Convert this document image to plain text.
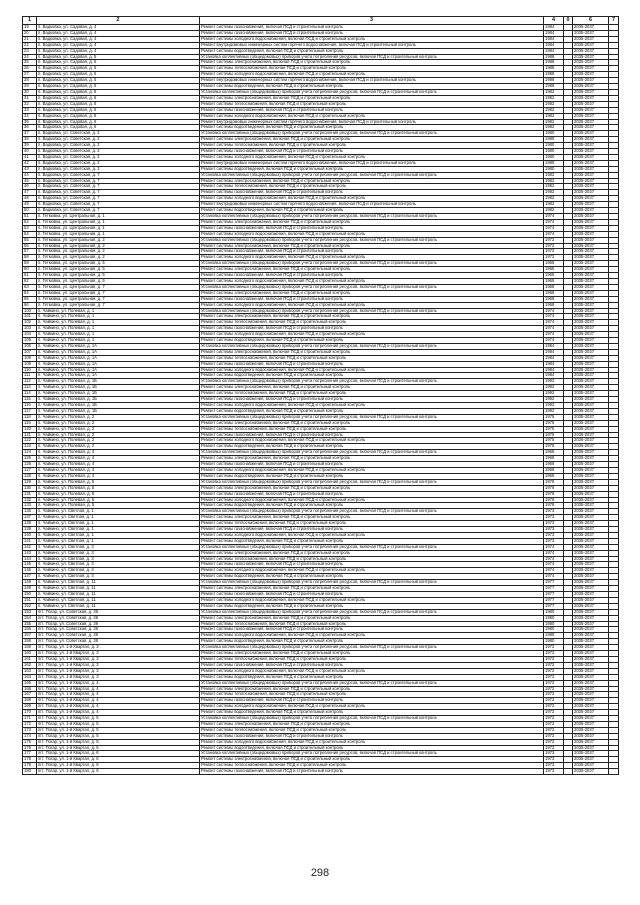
1	2	3	4	0	6	7
19	п. Вадковка, ул. Садовая, д. 4	Ремонт системы газоснабжения, включая ПСД и строительный контроль	1984		2035-2037	
20	п. Вадковка, ул. Садовая, д. 4	Ремонт системы газоснабжения, включая ПСД и строительный контроль	1984		2035-2037	
21	п. Вадковка, ул. Садовая, д. 4	Ремонт системы холодного водоснабжения, включая ПСД и строительный контроль	1984		2035-2037	
22	п. Вадковка, ул. Садовая, д. 4	Ремонт внутридомовых инженерных систем горячего водоснабжения, включая ПСД и строительный контроль	1984		2035-2037	
23	п. Вадковка, ул. Садовая, д. 4	Ремонт системы водоотведения, включая ПСД и строительный контроль	1984		2035-2037	
24	п. Вадковка, ул. Садовая, д. 5	Установка коллективных (общедомовых) приборов учета потребления ресурсов, включая ПСД и строительный контроль	1988		2035-2037	
25	п. Вадковка, ул. Садовая, д. 5	Ремонт системы электроснабжения, включая ПСД и строительный контроль	1988		2035-2037	
26	п. Вадковка, ул. Садовая, д. 5	Ремонт системы теплоснабжения, включая ПСД и строительный контроль	1988		2035-2037	
27	п. Вадковка, ул. Садовая, д. 5	Ремонт системы холодного водоснабжения, включая ПСД и строительный контроль	1988		2035-2037	
28	п. Вадковка, ул. Садовая, д. 5	Ремонт внутридомовых инженерных систем горячего водоснабжения, включая ПСД и строительный контроль	1988		2035-2037	
29	п. Вадковка, ул. Садовая, д. 5	Ремонт системы водоотведения, включая ПСД и строительный контроль	1988		2035-2037	
30	п. Вадковка, ул. Садовая, д. 6	Установка коллективных (общедомовых) приборов учета потребления ресурсов, включая ПСД и строительный контроль	1982		2035-2037	
31	п. Вадковка, ул. Садовая, д. 6	Ремонт системы электроснабжения, включая ПСД и строительный контроль	1982		2035-2037	
32	п. Вадковка, ул. Садовая, д. 6	Ремонт системы теплоснабжения, включая ПСД и строительный контроль	1982		2035-2037	
33	п. Вадковка, ул. Садовая, д. 6	Ремонт системы газоснабжения, включая ПСД и строительный контроль	1982		2035-2037	
34	п. Вадковка, ул. Садовая, д. 6	Ремонт системы холодного водоснабжения, включая ПСД и строительный контроль	1982		2035-2037	
35	п. Вадковка, ул. Садовая, д. 6	Ремонт внутридомовых инженерных систем горячего водоснабжения, включая ПСД и строительный контроль	1982		2035-2037	
36	п. Вадковка, ул. Садовая, д. 6	Ремонт системы водоотведения, включая ПСД и строительный контроль	1982		2035-2037	
37	п. Вадковка, ул. Советская, д. 2	Установка коллективных (общедомовых) приборов учета потребления ресурсов, включая ПСД и строительный контроль	1980		2035-2037	
38	п. Вадковка, ул. Советская, д. 2	Ремонт системы электроснабжения, включая ПСД и строительный контроль	1980		2035-2037	
39	п. Вадковка, ул. Советская, д. 2	Ремонт системы теплоснабжения, включая ПСД и строительный контроль	1980		2035-2037	
40	п. Вадковка, ул. Советская, д. 2	Ремонт системы газоснабжения, включая ПСД и строительный контроль	1980		2035-2037	
41	п. Вадковка, ул. Советская, д. 2	Ремонт системы холодного водоснабжения, включая ПСД и строительный контроль	1980		2035-2037	
42	п. Вадковка, ул. Советская, д. 2	Ремонт внутридомовых инженерных систем горячего водоснабжения, включая ПСД и строительный контроль	1980		2035-2037	
43	п. Вадковка, ул. Советская, д. 2	Ремонт системы водоотведения, включая ПСД и строительный контроль	1980		2035-2037	
44	п. Вадковка, ул. Советская, д. 7	Установка коллективных (общедомовых) приборов учета потребления ресурсов, включая ПСД и строительный контроль	1982		2035-2037	
45	п. Вадковка, ул. Советская, д. 7	Ремонт системы электроснабжения, включая ПСД и строительный контроль	1982		2035-2037	
46	п. Вадковка, ул. Советская, д. 7	Ремонт системы теплоснабжения, включая ПСД и строительный контроль	1982		2035-2037	
47	п. Вадковка, ул. Советская, д. 7	Ремонт системы газоснабжения, включая ПСД и строительный контроль	1982		2035-2037	
48	п. Вадковка, ул. Советская, д. 7	Ремонт системы холодного водоснабжения, включая ПСД и строительный контроль	1982		2035-2037	
49	п. Вадковка, ул. Советская, д. 7	Ремонт внутридомовых инженерных систем горячего водоснабжения, включая ПСД и строительный контроль	1982		2035-2037	
50	п. Вадковка, ул. Советская, д. 7	Ремонт системы водоотведения, включая ПСД и строительный контроль	1982		2035-2037	
51	п. Гетмовка, ул. Центральная, д. 1	Установка коллективных (общедомовых) приборов учета потребления ресурсов, включая ПСД и строительный контроль	1974		2035-2037	
52	п. Гетмовка, ул. Центральная, д. 1	Ремонт системы электроснабжения, включая ПСД и строительный контроль	1974		2035-2037	
53	п. Гетмовка, ул. Центральная, д. 1	Ремонт системы газоснабжения, включая ПСД и строительный контроль	1974		2035-2037	
54	п. Гетмовка, ул. Центральная, д. 1	Ремонт системы холодного водоснабжения, включая ПСД и строительный контроль	1974		2035-2037	
55	п. Гетмовка, ул. Центральная, д. 2	Установка коллективных (общедомовых) приборов учета потребления ресурсов, включая ПСД и строительный контроль	1972		2035-2037	
56	п. Гетмовка, ул. Центральная, д. 2	Ремонт системы электроснабжения, включая ПСД и строительный контроль	1972		2035-2037	
57	п. Гетмовка, ул. Центральная, д. 2	Ремонт системы газоснабжения, включая ПСД и строительный контроль	1972		2035-2037	
58	п. Гетмовка, ул. Центральная, д. 2	Ремонт системы холодного водоснабжения, включая ПСД и строительный контроль	1972		2035-2037	
59	п. Гетмовка, ул. Центральная, д. 5	Установка коллективных (общедомовых) приборов учета потребления ресурсов, включая ПСД и строительный контроль	1965		2035-2037	
60	п. Гетмовка, ул. Центральная, д. 5	Ремонт системы электроснабжения, включая ПСД и строительный контроль	1965		2035-2037	
61	п. Гетмовка, ул. Центральная, д. 5	Ремонт системы газоснабжения, включая ПСД и строительный контроль	1965		2035-2037	
62	п. Гетмовка, ул. Центральная, д. 5	Ремонт системы холодного водоснабжения, включая ПСД и строительный контроль	1965		2035-2037	
63	п. Гетмовка, ул. Центральная, д. 7	Установка коллективных (общедомовых) приборов учета потребления ресурсов, включая ПСД и строительный контроль	1968		2035-2037	
64	п. Гетмовка, ул. Центральная, д. 7	Ремонт системы электроснабжения, включая ПСД и строительный контроль	1968		2035-2037	
65	п. Гетмовка, ул. Центральная, д. 7	Ремонт системы газоснабжения, включая ПСД и строительный контроль	1968		2035-2037	
66	п. Гетмовка, ул. Центральная, д. 7	Ремонт системы холодного водоснабжения, включая ПСД и строительный контроль	1968		2035-2037	
100	п. Чайкино, ул. Полевая, д. 1	Установка коллективных (общедомовых) приборов учета потребления ресурсов, включая ПСД и строительный контроль	1974		2035-2037	
101	п. Чайкино, ул. Полевая, д. 1	Ремонт системы электроснабжения, включая ПСД и строительный контроль	1974		2035-2037	
102	п. Чайкино, ул. Полевая, д. 1	Ремонт системы теплоснабжения, включая ПСД и строительный контроль	1974		2035-2037	
103	п. Чайкино, ул. Полевая, д. 1	Ремонт системы газоснабжения, включая ПСД и строительный контроль	1974		2035-2037	
104	п. Чайкино, ул. Полевая, д. 1	Ремонт системы холодного водоснабжения, включая ПСД и строительный контроль	1974		2035-2037	
105	п. Чайкино, ул. Полевая, д. 1	Ремонт системы водоотведения, включая ПСД и строительный контроль	1974		2035-2037	
106	п. Чайкино, ул. Полевая, д. 1А	Установка коллективных (общедомовых) приборов учета потребления ресурсов, включая ПСД и строительный контроль	1984		2035-2037	
107	п. Чайкино, ул. Полевая, д. 1А	Ремонт системы электроснабжения, включая ПСД и строительный контроль	1984		2035-2037	
108	п. Чайкино, ул. Полевая, д. 1А	Ремонт системы теплоснабжения, включая ПСД и строительный контроль	1984		2035-2037	
109	п. Чайкино, ул. Полевая, д. 1А	Ремонт системы газоснабжения, включая ПСД и строительный контроль	1984		2035-2037	
110	п. Чайкино, ул. Полевая, д. 1А	Ремонт системы холодного водоснабжения, включая ПСД и строительный контроль	1984		2035-2037	
111	п. Чайкино, ул. Полевая, д. 1А	Ремонт системы водоотведения, включая ПСД и строительный контроль	1984		2035-2037	
112	п. Чайкино, ул. Полевая, д. 1Б	Установка коллективных (общедомовых) приборов учета потребления ресурсов, включая ПСД и строительный контроль	1992		2035-2037	
113	п. Чайкино, ул. Полевая, д. 1Б	Ремонт системы электроснабжения, включая ПСД и строительный контроль	1992		2035-2037	
114	п. Чайкино, ул. Полевая, д. 1Б	Ремонт системы теплоснабжения, включая ПСД и строительный контроль	1992		2035-2037	
115	п. Чайкино, ул. Полевая, д. 1Б	Ремонт системы газоснабжения, включая ПСД и строительный контроль	1992		2035-2037	
116	п. Чайкино, ул. Полевая, д. 1Б	Ремонт системы холодного водоснабжения, включая ПСД и строительный контроль	1992		2035-2037	
117	п. Чайкино, ул. Полевая, д. 1Б	Ремонт системы водоотведения, включая ПСД и строительный контроль	1992		2035-2037	
118	п. Чайкино, ул. Полевая, д. 2	Установка коллективных (общедомовых) приборов учета потребления ресурсов, включая ПСД и строительный контроль	1975		2035-2037	
119	п. Чайкино, ул. Полевая, д. 2	Ремонт системы электроснабжения, включая ПСД и строительный контроль	1975		2035-2037	
120	п. Чайкино, ул. Полевая, д. 2	Ремонт системы теплоснабжения, включая ПСД и строительный контроль	1975		2035-2037	
121	п. Чайкино, ул. Полевая, д. 2	Ремонт системы газоснабжения, включая ПСД и строительный контроль	1975		2035-2037	
122	п. Чайкино, ул. Полевая, д. 2	Ремонт системы холодного водоснабжения, включая ПСД и строительный контроль	1975		2035-2037	
123	п. Чайкино, ул. Полевая, д. 2	Ремонт системы водоотведения, включая ПСД и строительный контроль	1975		2035-2037	
124	п. Чайкино, ул. Полевая, д. 4	Установка коллективных (общедомовых) приборов учета потребления ресурсов, включая ПСД и строительный контроль	1968		2035-2037	
125	п. Чайкино, ул. Полевая, д. 4	Ремонт системы электроснабжения, включая ПСД и строительный контроль	1968		2035-2037	
126	п. Чайкино, ул. Полевая, д. 4	Ремонт системы газоснабжения, включая ПСД и строительный контроль	1968		2035-2037	
127	п. Чайкино, ул. Полевая, д. 4	Ремонт системы холодного водоснабжения, включая ПСД и строительный контроль	1968		2035-2037	
128	п. Чайкино, ул. Полевая, д. 4	Ремонт системы водоотведения, включая ПСД и строительный контроль	1968		2035-2037	
129	п. Чайкино, ул. Полевая, д. 5	Установка коллективных (общедомовых) приборов учета потребления ресурсов, включая ПСД и строительный контроль	1978		2035-2037	
130	п. Чайкино, ул. Полевая, д. 5	Ремонт системы электроснабжения, включая ПСД и строительный контроль	1978		2035-2037	
131	п. Чайкино, ул. Полевая, д. 5	Ремонт системы газоснабжения, включая ПСД и строительный контроль	1978		2035-2037	
132	п. Чайкино, ул. Полевая, д. 5	Ремонт системы холодного водоснабжения, включая ПСД и строительный контроль	1978		2035-2037	
133	п. Чайкино, ул. Полевая, д. 5	Ремонт системы водоотведения, включая ПСД и строительный контроль	1978		2035-2037	
136	п. Чайкино, ул. Светлая, д. 1	Установка коллективных (общедомовых) приборов учета потребления ресурсов, включая ПСД и строительный контроль	1973		2035-2037	
137	п. Чайкино, ул. Светлая, д. 1	Ремонт системы электроснабжения, включая ПСД и строительный контроль	1973		2035-2037	
138	п. Чайкино, ул. Светлая, д. 1	Ремонт системы теплоснабжения, включая ПСД и строительный контроль	1973		2035-2037	
139	п. Чайкино, ул. Светлая, д. 1	Ремонт системы газоснабжения, включая ПСД и строительный контроль	1973		2035-2037	
140	п. Чайкино, ул. Светлая, д. 1	Ремонт системы холодного водоснабжения, включая ПСД и строительный контроль	1973		2035-2037	
141	п. Чайкино, ул. Светлая, д. 1	Ремонт системы водоотведения, включая ПСД и строительный контроль	1973		2035-2037	
142	п. Чайкино, ул. Светлая, д. 3	Установка коллективных (общедомовых) приборов учета потребления ресурсов, включая ПСД и строительный контроль	1974		2035-2037	
143	п. Чайкино, ул. Светлая, д. 3	Ремонт системы электроснабжения, включая ПСД и строительный контроль	1974		2035-2037	
144	п. Чайкино, ул. Светлая, д. 3	Ремонт системы теплоснабжения, включая ПСД и строительный контроль	1974		2035-2037	
145	п. Чайкино, ул. Светлая, д. 3	Ремонт системы газоснабжения, включая ПСД и строительный контроль	1974		2035-2037	
146	п. Чайкино, ул. Светлая, д. 3	Ремонт системы холодного водоснабжения, включая ПСД и строительный контроль	1974		2035-2037	
147	п. Чайкино, ул. Светлая, д. 3	Ремонт системы водоотведения, включая ПСД и строительный контроль	1974		2035-2037	
148	п. Чайкино, ул. Светлая, д. 11	Установка коллективных (общедомовых) приборов учета потребления ресурсов, включая ПСД и строительный контроль	1977		2035-2037	
149	п. Чайкино, ул. Светлая, д. 11	Ремонт системы электроснабжения, включая ПСД и строительный контроль	1977		2035-2037	
150	п. Чайкино, ул. Светлая, д. 11	Ремонт системы газоснабжения, включая ПСД и строительный контроль	1977		2035-2037	
151	п. Чайкино, ул. Светлая, д. 11	Ремонт системы холодного водоснабжения, включая ПСД и строительный контроль	1977		2035-2037	
152	п. Чайкино, ул. Светлая, д. 11	Ремонт системы водоотведения, включая ПСД и строительный контроль	1977		2035-2037	
153	пгт. Погар, ул. Советская, д. 36	Установка коллективных (общедомовых) приборов учета потребления ресурсов, включая ПСД и строительный контроль	1980		2035-2037	
154	пгт. Погар, ул. Советская, д. 36	Ремонт системы электроснабжения, включая ПСД и строительный контроль	1980		2035-2037	
155	пгт. Погар, ул. Советская, д. 36	Ремонт системы теплоснабжения, включая ПСД и строительный контроль	1980		2035-2037	
156	пгт. Погар, ул. Советская, д. 36	Ремонт системы газоснабжения, включая ПСД и строительный контроль	1980		2035-2037	
157	пгт. Погар, ул. Советская, д. 36	Ремонт системы холодного водоснабжения, включая ПСД и строительный контроль	1980		2035-2037	
158	пгт. Погар, ул. Советская, д. 36	Ремонт системы водоотведения, включая ПСД и строительный контроль	1980		2035-2037	
159	пгт. Погар, ул. 1-й Квартал, д. 3	Установка коллективных (общедомовых) приборов учета потребления ресурсов, включая ПСД и строительный контроль	1972		2035-2037	
160	пгт. Погар, ул. 1-й Квартал, д. 3	Ремонт системы электроснабжения, включая ПСД и строительный контроль	1972		2035-2037	
161	пгт. Погар, ул. 1-й Квартал, д. 3	Ремонт системы теплоснабжения, включая ПСД и строительный контроль	1972		2035-2037	
162	пгт. Погар, ул. 1-й Квартал, д. 3	Ремонт системы газоснабжения, включая ПСД и строительный контроль	1972		2035-2037	
163	пгт. Погар, ул. 1-й Квартал, д. 3	Ремонт системы холодного водоснабжения, включая ПСД и строительный контроль	1972		2035-2037	
164	пгт. Погар, ул. 1-й Квартал, д. 3	Ремонт системы водоотведения, включая ПСД и строительный контроль	1972		2035-2037	
165	пгт. Погар, ул. 1-й Квартал, д. 4	Установка коллективных (общедомовых) приборов учета потребления ресурсов, включая ПСД и строительный контроль	1972		2035-2037	
166	пгт. Погар, ул. 1-й Квартал, д. 4	Ремонт системы электроснабжения, включая ПСД и строительный контроль	1972		2035-2037	
167	пгт. Погар, ул. 1-й Квартал, д. 4	Ремонт системы теплоснабжения, включая ПСД и строительный контроль	1972		2035-2037	
168	пгт. Погар, ул. 1-й Квартал, д. 4	Ремонт системы газоснабжения, включая ПСД и строительный контроль	1972		2035-2037	
169	пгт. Погар, ул. 1-й Квартал, д. 4	Ремонт системы холодного водоснабжения, включая ПСД и строительный контроль	1972		2035-2037	
170	пгт. Погар, ул. 1-й Квартал, д. 4	Ремонт системы водоотведения, включая ПСД и строительный контроль	1972		2035-2037	
171	пгт. Погар, ул. 1-й Квартал, д. 5	Установка коллективных (общедомовых) приборов учета потребления ресурсов, включая ПСД и строительный контроль	1972		2035-2037	
172	пгт. Погар, ул. 1-й Квартал, д. 5	Ремонт системы электроснабжения, включая ПСД и строительный контроль	1972		2035-2037	
173	пгт. Погар, ул. 1-й Квартал, д. 5	Ремонт системы теплоснабжения, включая ПСД и строительный контроль	1972		2035-2037	
174	пгт. Погар, ул. 1-й Квартал, д. 5	Ремонт системы газоснабжения, включая ПСД и строительный контроль	1972		2035-2037	
175	пгт. Погар, ул. 1-й Квартал, д. 5	Ремонт системы холодного водоснабжения, включая ПСД и строительный контроль	1972		2035-2037	
176	пгт. Погар, ул. 1-й Квартал, д. 5	Ремонт системы водоотведения, включая ПСД и строительный контроль	1972		2035-2037	
177	пгт. Погар, ул. 1-й Квартал, д. 6	Установка коллективных (общедомовых) приборов учета потребления ресурсов, включая ПСД и строительный контроль	1973		2035-2037	
178	пгт. Погар, ул. 1-й Квартал, д. 6	Ремонт системы электроснабжения, включая ПСД и строительный контроль	1973		2035-2037	
179	пгт. Погар, ул. 1-й Квартал, д. 6	Ремонт системы теплоснабжения, включая ПСД и строительный контроль	1973		2035-2037	
180	пгт. Погар, ул. 1-й Квартал, д. 6	Ремонт системы газоснабжения, включая ПСД и строительный контроль	1973		2035-2037	
298
